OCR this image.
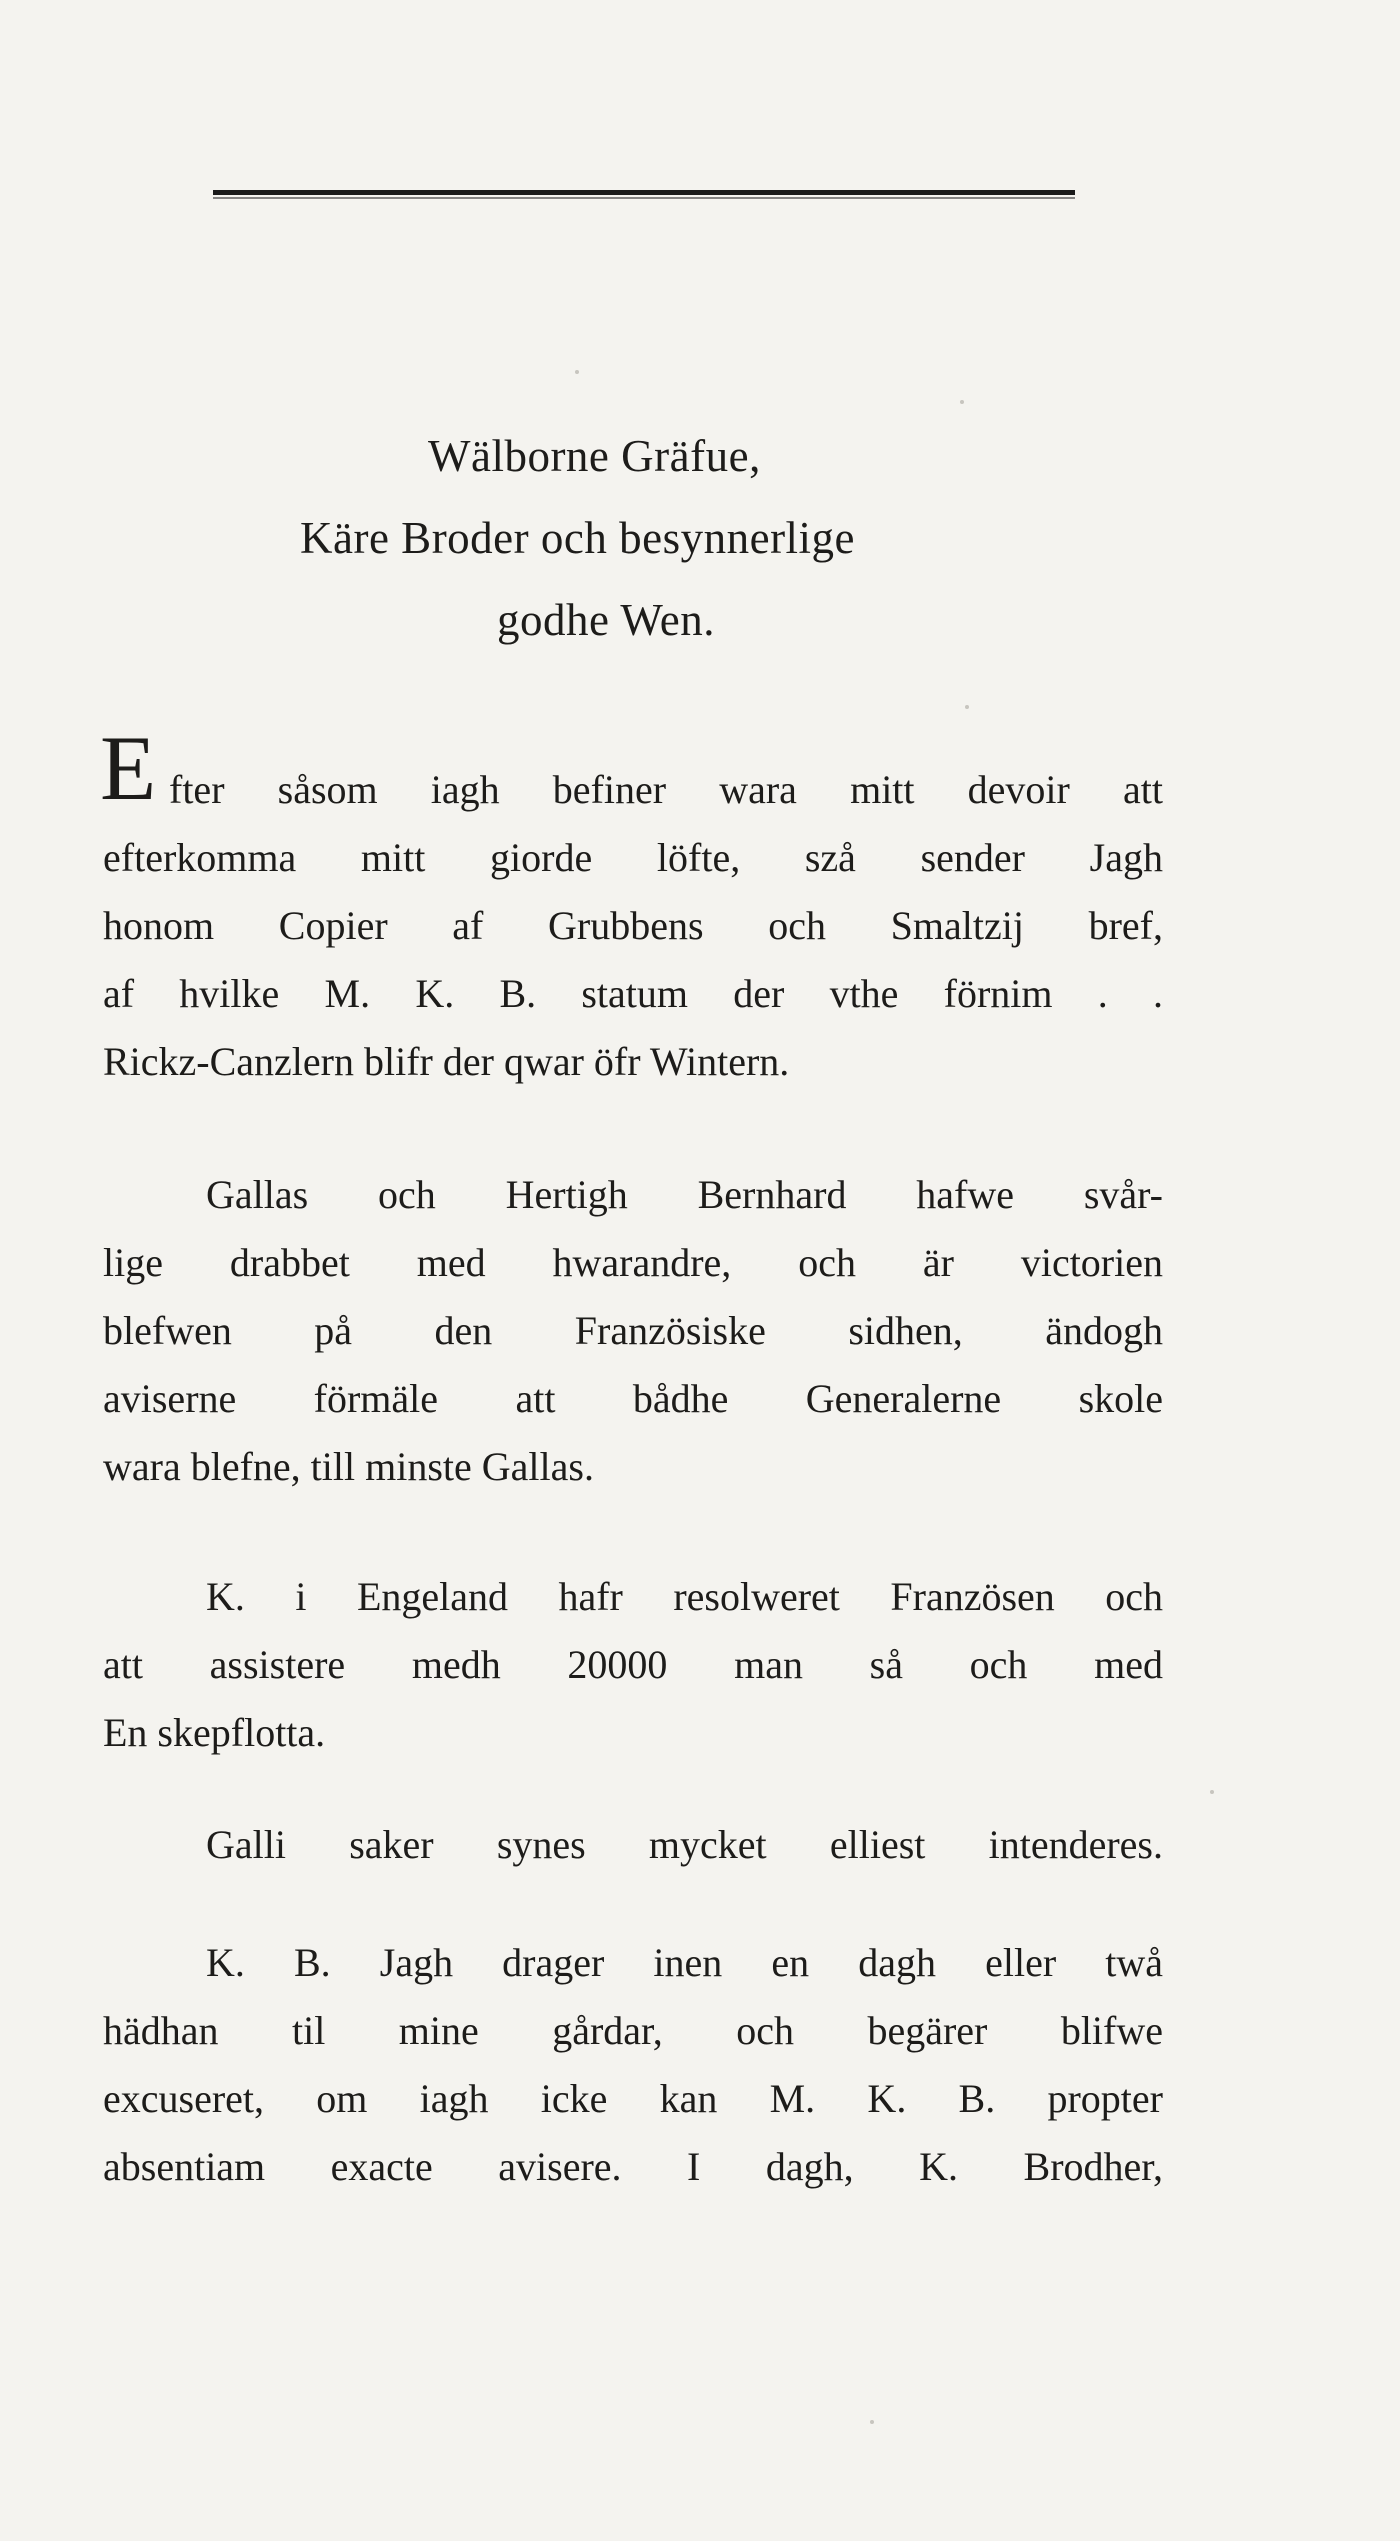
Wälborne Gräfue,

Käre Broder och besynnerlige

godhe Wen.

E fter såsom iagh befiner wara mitt devoir att
efterkomma mitt giorde löfte, szå sender Jagh
honom Copier af Grubbens och Smaltzij bref,
af hvilke M. K. B. statum der vthe förnim . .
Rickz-Canzlern blifr der qwar öfr Wintern.
Gallas och Hertigh Bernhard hafwe svår-
lige drabbet med hwarandre, och är victorien
blefwen på den Französiske sidhen, ändogh
aviserne förmäle att bådhe Generalerne skole
wara blefne, till minste Gallas.
K. i Engeland hafr resolweret Französen och
att assistere medh 20000 man så och med
En skepflotta.
Galli saker synes mycket elliest intenderes.
K. B. Jagh drager inen en dagh eller twå
hädhan til mine gårdar, och begärer blifwe
excuseret, om iagh icke kan M. K. B. propter
absentiam exacte avisere. I dagh, K. Brodher,
